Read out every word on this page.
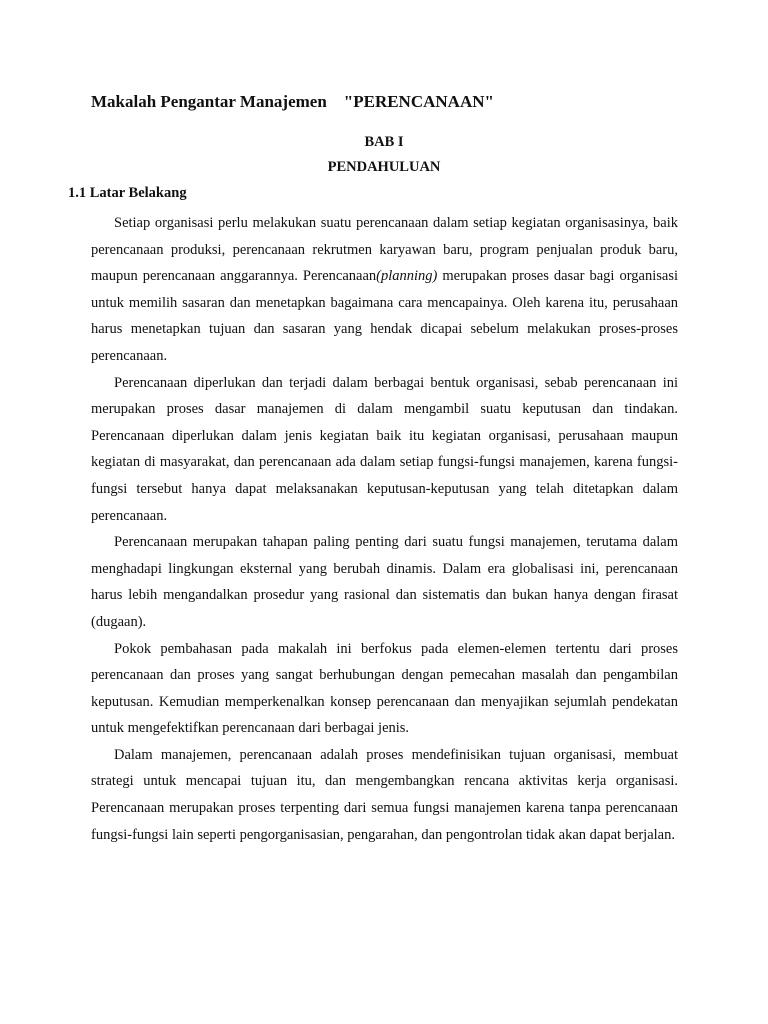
Makalah Pengantar Manajemen    "PERENCANAAN"
BAB I
PENDAHULUAN
1.1 Latar Belakang

Setiap organisasi perlu melakukan suatu perencanaan dalam setiap kegiatan organisasinya, baik perencanaan produksi, perencanaan rekrutmen karyawan baru, program penjualan produk baru, maupun perencanaan anggarannya. Perencanaan(planning) merupakan proses dasar bagi organisasi untuk memilih sasaran dan menetapkan bagaimana cara mencapainya. Oleh karena itu, perusahaan harus menetapkan tujuan dan sasaran yang hendak dicapai sebelum melakukan proses-proses perencanaan.

Perencanaan diperlukan dan terjadi dalam berbagai bentuk organisasi, sebab perencanaan ini merupakan proses dasar manajemen di dalam mengambil suatu keputusan dan tindakan. Perencanaan diperlukan dalam jenis kegiatan baik itu kegiatan organisasi, perusahaan maupun kegiatan di masyarakat, dan perencanaan ada dalam setiap fungsi-fungsi manajemen, karena fungsi-fungsi tersebut hanya dapat melaksanakan keputusan-keputusan yang telah ditetapkan dalam perencanaan.

Perencanaan merupakan tahapan paling penting dari suatu fungsi manajemen, terutama dalam menghadapi lingkungan eksternal yang berubah dinamis. Dalam era globalisasi ini, perencanaan harus lebih mengandalkan prosedur yang rasional dan sistematis dan bukan hanya dengan firasat (dugaan).

Pokok pembahasan pada makalah ini berfokus pada elemen-elemen tertentu dari proses perencanaan dan proses yang sangat berhubungan dengan pemecahan masalah dan pengambilan keputusan. Kemudian memperkenalkan konsep perencanaan dan menyajikan sejumlah pendekatan untuk mengefektifkan perencanaan dari berbagai jenis.

Dalam manajemen, perencanaan adalah proses mendefinisikan tujuan organisasi, membuat strategi untuk mencapai tujuan itu, dan mengembangkan rencana aktivitas kerja organisasi. Perencanaan merupakan proses terpenting dari semua fungsi manajemen karena tanpa perencanaan fungsi-fungsi lain seperti pengorganisasian, pengarahan, dan pengontrolan tidak akan dapat berjalan.
